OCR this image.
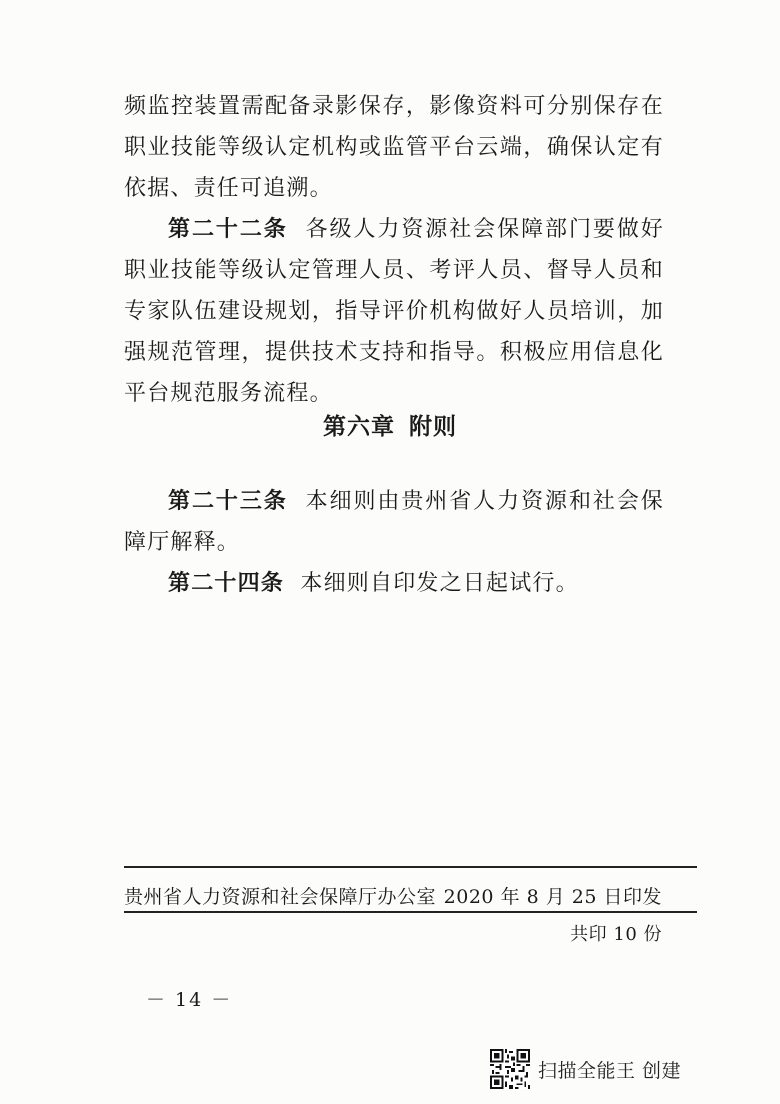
频监控装置需配备录影保存，影像资料可分别保存在职业技能等级认定机构或监管平台云端，确保认定有依据、责任可追溯。

第二十二条 各级人力资源社会保障部门要做好职业技能等级认定管理人员、考评人员、督导人员和专家队伍建设规划，指导评价机构做好人员培训，加强规范管理，提供技术支持和指导。积极应用信息化平台规范服务流程。

第六章 附则

第二十三条 本细则由贵州省人力资源和社会保障厅解释。

第二十四条 本细则自印发之日起试行。

贵州省人力资源和社会保障厅办公室 2020 年 8 月 25 日印发
共印 10 份
－ 14 －
扫描全能王 创建
